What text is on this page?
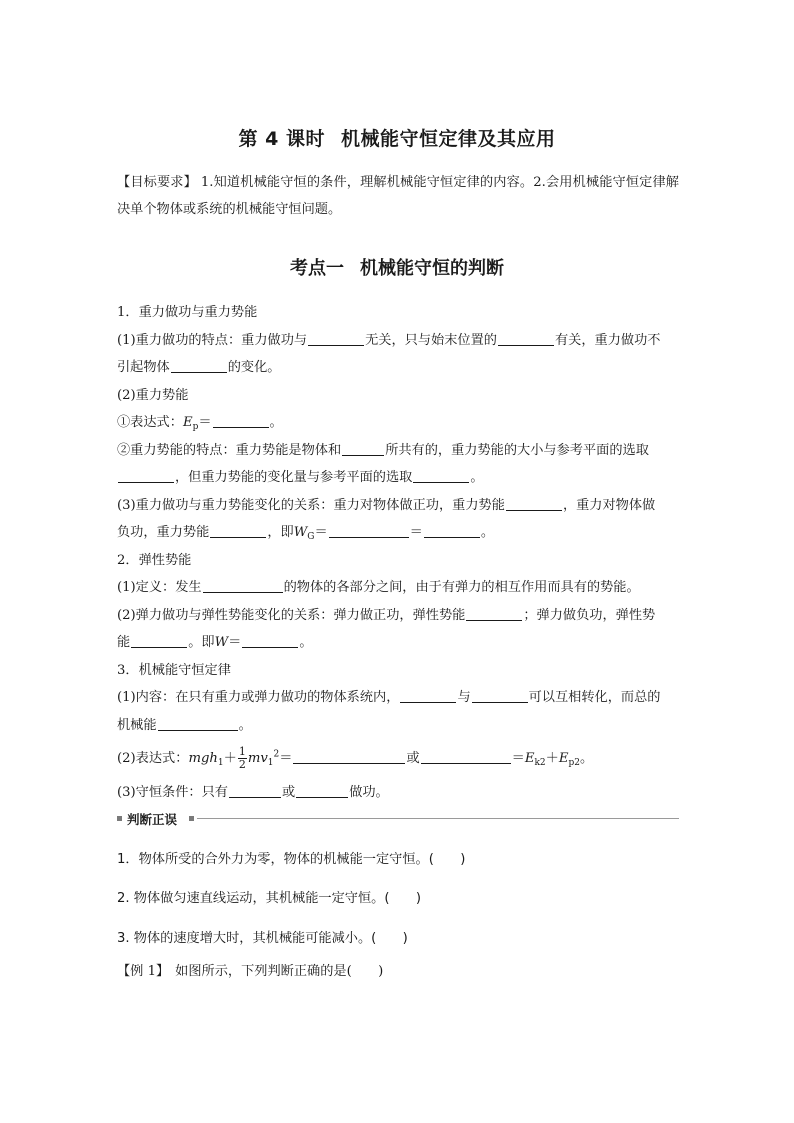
第 4 课时 机械能守恒定律及其应用
【目标要求】 1.知道机械能守恒的条件，理解机械能守恒定律的内容。2.会用机械能守恒定律解决单个物体或系统的机械能守恒问题。
考点一 机械能守恒的判断
1．重力做功与重力势能
(1)重力做功的特点：重力做功与	无关，只与始末位置的	有关，重力做功不
引起物体	的变化。
(2)重力势能
①表达式：$E_p=$	。
②重力势能的特点：重力势能是物体和	所共有的，重力势能的大小与参考平面的选取
，但重力势能的变化量与参考平面的选取	。
(3)重力做功与重力势能变化的关系：重力对物体做正功，重力势能	，重力对物体做
负功，重力势能	，即$W_G=$	＝	。
2．弹性势能
(1)定义：发生	的物体的各部分之间，由于有弹力的相互作用而具有的势能。
(2)弹力做功与弹性势能变化的关系：弹力做正功，弹性势能	；弹力做负功，弹性势
能	。即W＝	。
3．机械能守恒定律
(1)内容：在只有重力或弹力做功的物体系统内，	与	可以互相转化，而总的
机械能	。
(2)表达式：$mgh_1+ \frac{1}{2} mv_1^2=$	或	$=E_{k2}+E_{p2}$。
(3)守恒条件：只有	或	做功。
判断正误
1．物体所受的合外力为零，物体的机械能一定守恒。(　　)
2. 物体做匀速直线运动，其机械能一定守恒。(　　)
3. 物体的速度增大时，其机械能可能减小。(　　)
【例 1】 如图所示，下列判断正确的是(　　)
